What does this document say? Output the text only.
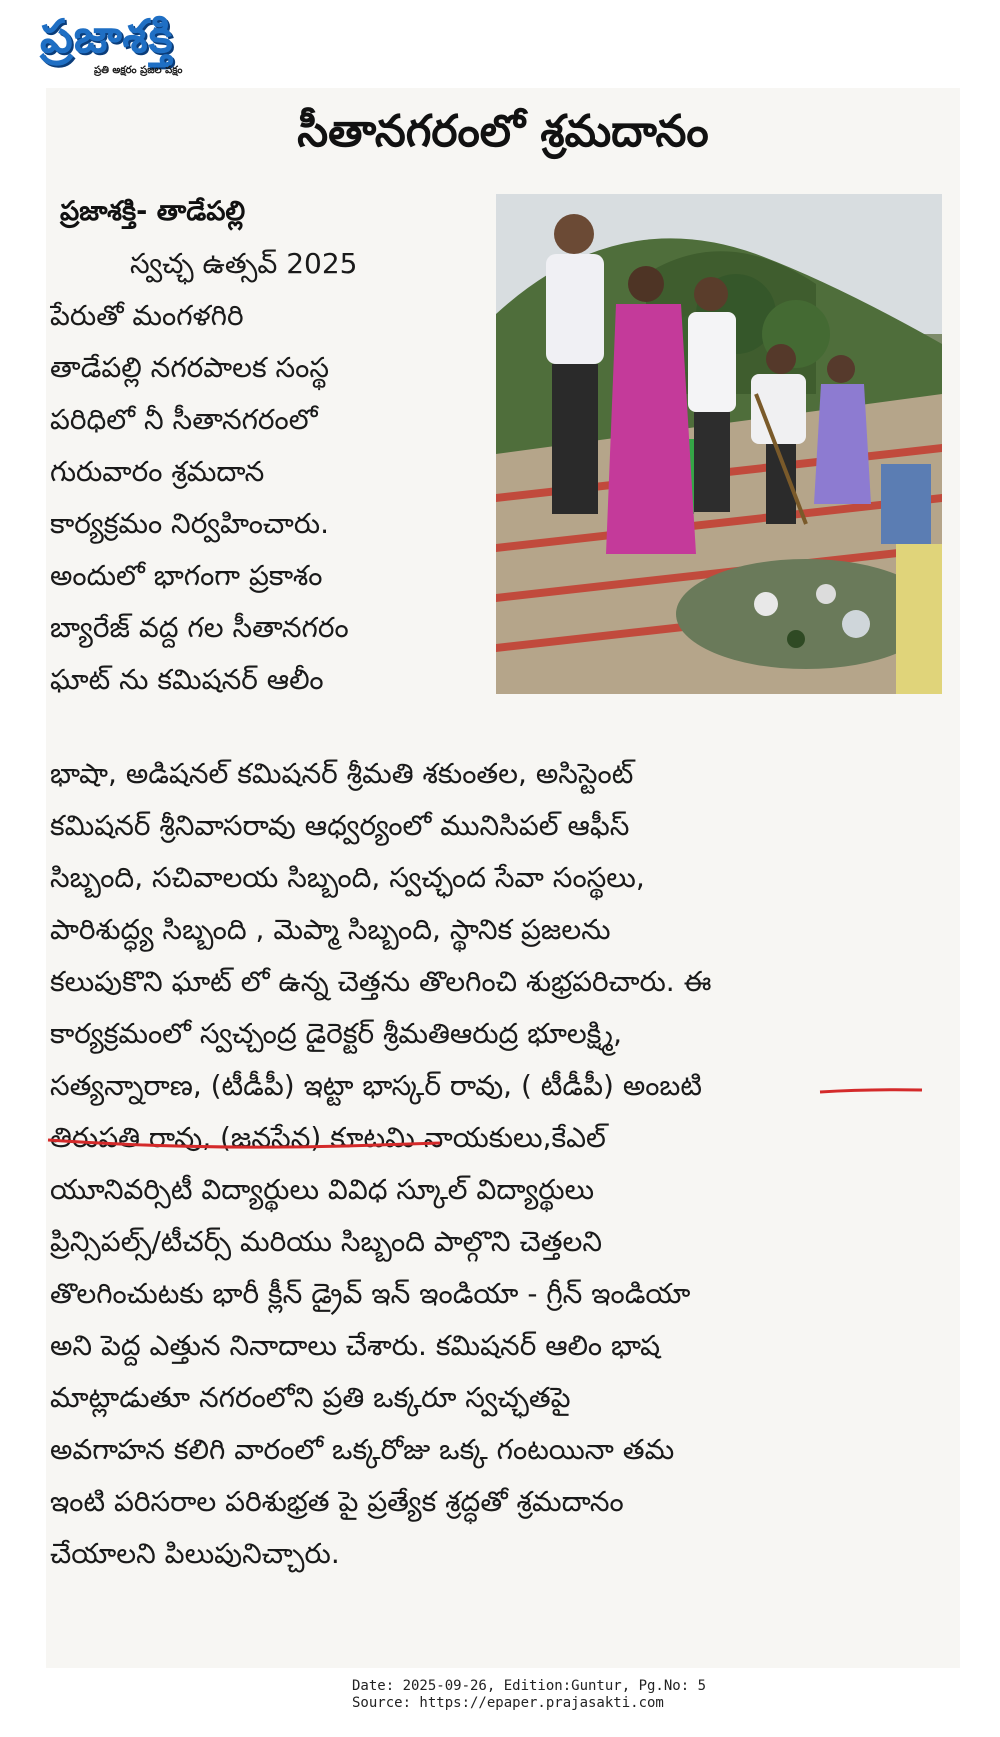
ప్రజాశక్తి
ప్రతి అక్షరం ప్రజల పక్షం
సీతానగరంలో శ్రమదానం
ప్రజాశక్తి- తాడేపల్లి
స్వచ్ఛ ఉత్సవ్ 2025
పేరుతో మంగళగిరి
తాడేపల్లి నగరపాలక సంస్థ
పరిధిలో నీ సీతానగరంలో
గురువారం శ్రమదాన
కార్యక్రమం నిర్వహించారు.
అందులో భాగంగా ప్రకాశం
బ్యారేజ్ వద్ద గల సీతానగరం
ఘాట్ ను కమిషనర్ ఆలీం
భాషా, అడిషనల్ కమిషనర్ శ్రీమతి శకుంతల, అసిస్టెంట్
కమిషనర్ శ్రీనివాసరావు ఆధ్వర్యంలో మునిసిపల్ ఆఫీస్
సిబ్బంది, సచివాలయ సిబ్బంది, స్వచ్ఛంద సేవా సంస్థలు,
పారిశుద్ధ్య సిబ్బంది , మెప్మా సిబ్బంది, స్థానిక ప్రజలను
కలుపుకొని ఘాట్ లో ఉన్న చెత్తను తొలగించి శుభ్రపరిచారు. ఈ
కార్యక్రమంలో స్వచ్చంద్ర డైరెక్టర్ శ్రీమతిఆరుద్ర భూలక్ష్మి,
సత్యన్నారాణ, (టీడీపీ) ఇట్టా భాస్కర్ రావు, ( టీడీపీ) అంబటి
తిరుపతి రావు, (జనసేన) కూటమి నాయకులు,కేఎల్
యూనివర్సిటీ విద్యార్థులు వివిధ స్కూల్ విద్యార్థులు
ప్రిన్సిపల్స్/టీచర్స్ మరియు సిబ్బంది పాల్గొని చెత్తలని
తొలగించుటకు భారీ క్లీన్ డ్రైవ్ ఇన్ ఇండియా - గ్రీన్ ఇండియా
అని పెద్ద ఎత్తున నినాదాలు చేశారు. కమిషనర్ ఆలిం భాష
మాట్లాడుతూ నగరంలోని ప్రతి ఒక్కరూ స్వచ్ఛతపై
అవగాహన కలిగి వారంలో ఒక్కరోజు ఒక్క గంటయినా తమ
ఇంటి పరిసరాల పరిశుభ్రత పై ప్రత్యేక శ్రద్ధతో శ్రమదానం
చేయాలని పిలుపునిచ్చారు.
Date: 2025-09-26, Edition:Guntur, Pg.No: 5
Source: https://epaper.prajasakti.com
